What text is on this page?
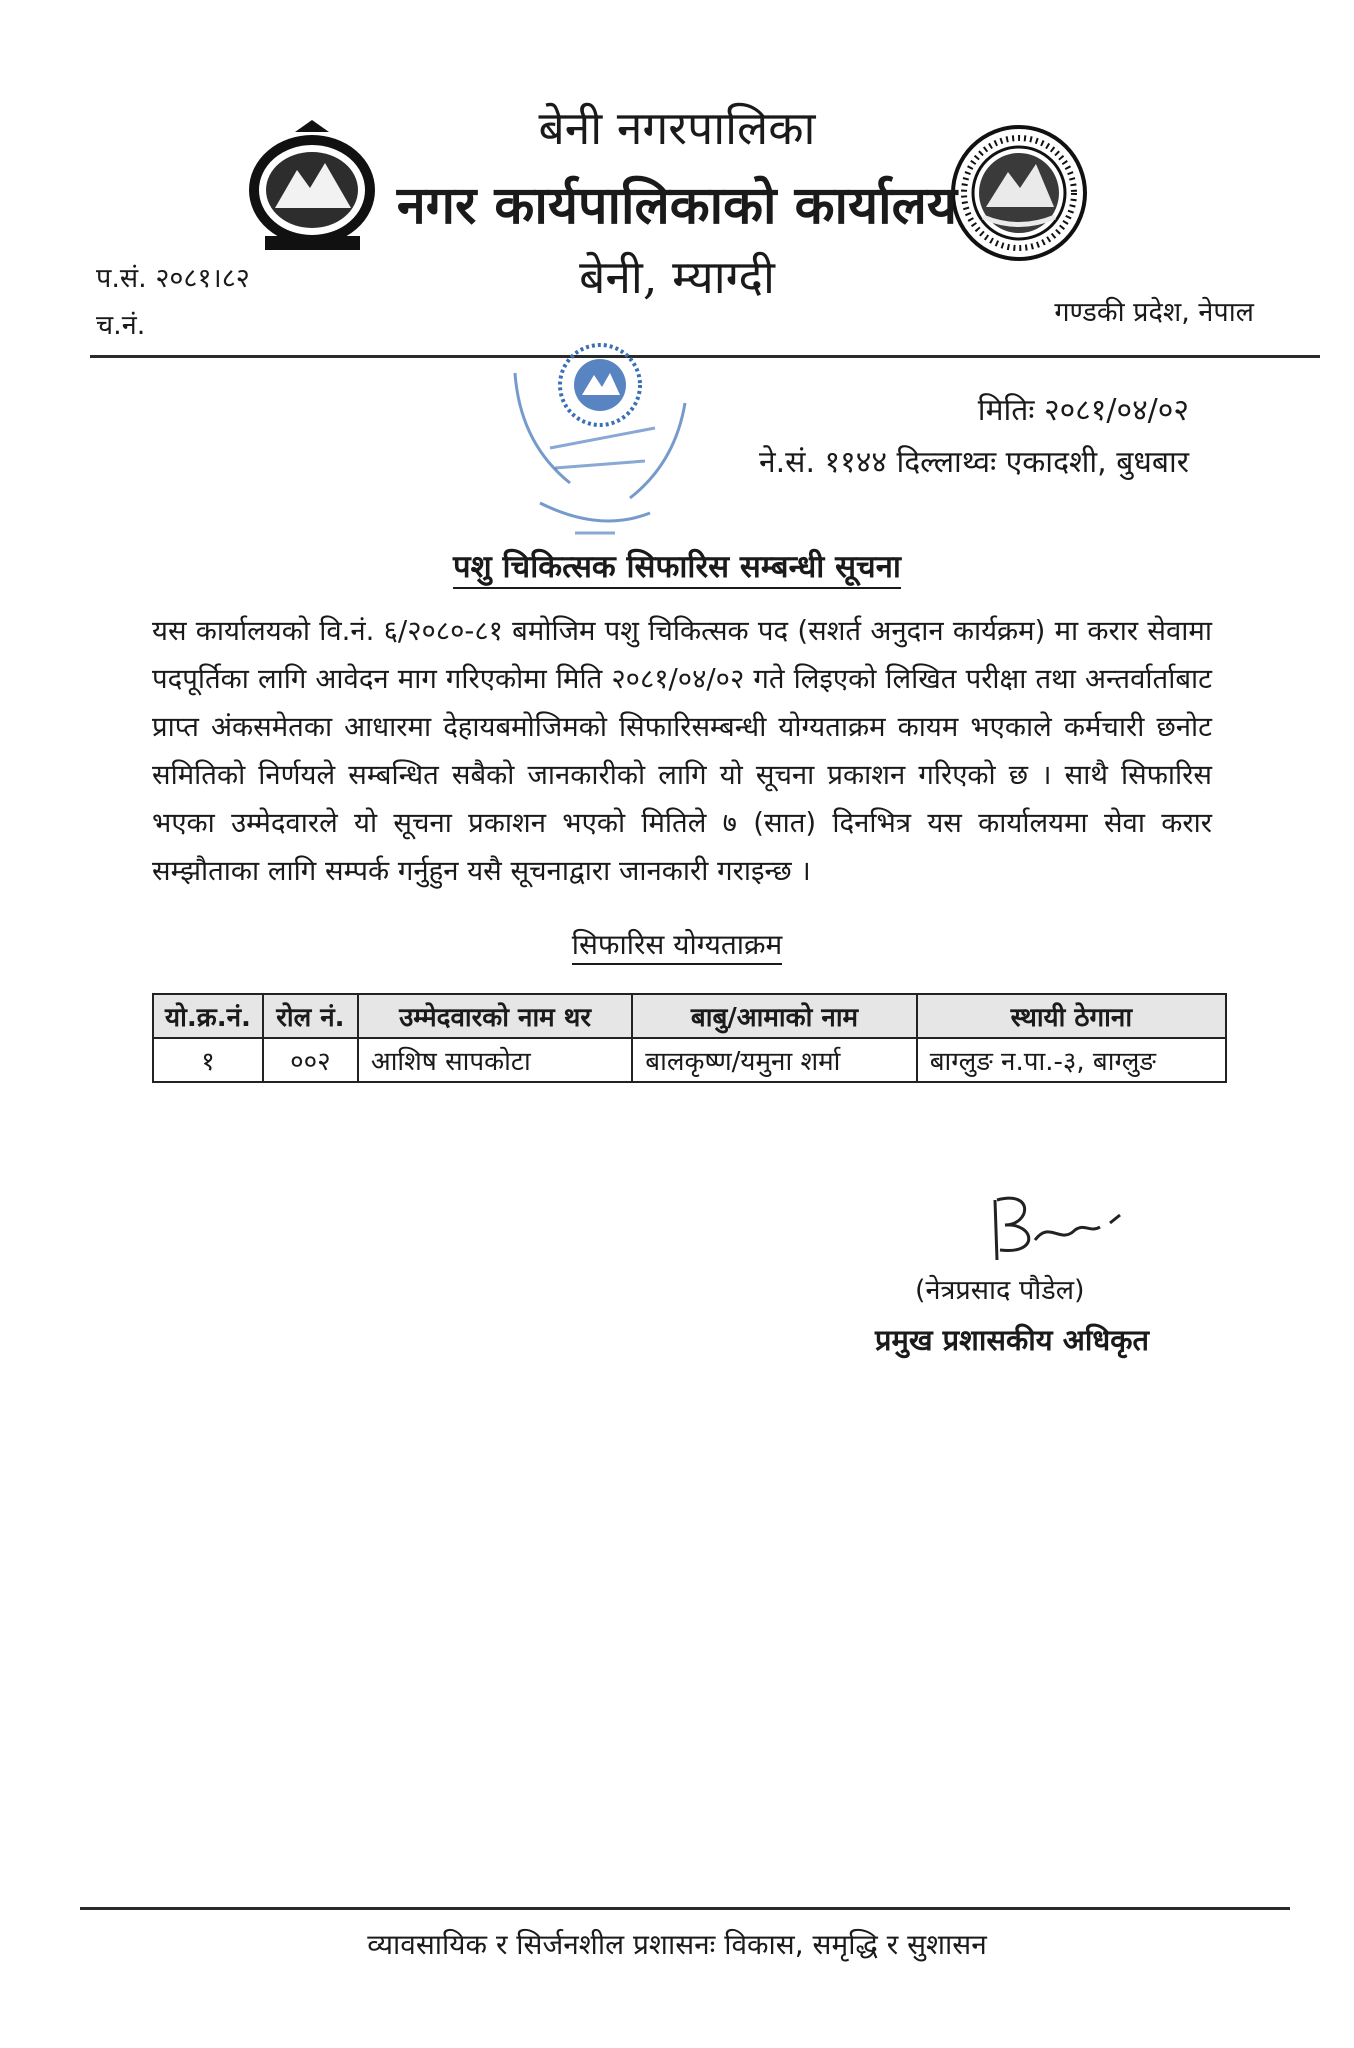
बेनी नगरपालिका
नगर कार्यपालिकाको कार्यालय
बेनी, म्याग्दी
प.सं. २०८१।८२
च.नं.	गण्डकी प्रदेश, नेपाल
मितिः २०८१/०४/०२
ने.सं. ११४४ दिल्लाथ्वः एकादशी, बुधबार
पशु चिकित्सक सिफारिस सम्बन्धी सूचना
यस कार्यालयको वि.नं. ६/२०८०-८१ बमोजिम पशु चिकित्सक पद (सशर्त अनुदान कार्यक्रम) मा करार सेवामा पदपूर्तिका लागि आवेदन माग गरिएकोमा मिति २०८१/०४/०२ गते लिइएको लिखित परीक्षा तथा अन्तर्वार्ताबाट प्राप्त अंकसमेतका आधारमा देहायबमोजिमको सिफारिसम्बन्धी योग्यताक्रम कायम भएकाले कर्मचारी छनोट समितिको निर्णयले सम्बन्धित सबैको जानकारीको लागि यो सूचना प्रकाशन गरिएको छ । साथै सिफारिस भएका उम्मेदवारले यो सूचना प्रकाशन भएको मितिले ७ (सात) दिनभित्र यस कार्यालयमा सेवा करार सम्झौताका लागि सम्पर्क गर्नुहुन यसै सूचनाद्वारा जानकारी गराइन्छ ।
सिफारिस योग्यताक्रम
यो.क्र.नं.	रोल नं.	उम्मेदवारको नाम थर	बाबु/आमाको नाम	स्थायी ठेगाना
१	००२	आशिष सापकोटा	बालकृष्ण/यमुना शर्मा	बाग्लुङ न.पा.-३, बाग्लुङ
(नेत्रप्रसाद पौडेल)
प्रमुख प्रशासकीय अधिकृत
व्यावसायिक र सिर्जनशील प्रशासनः विकास, समृद्धि र सुशासन
